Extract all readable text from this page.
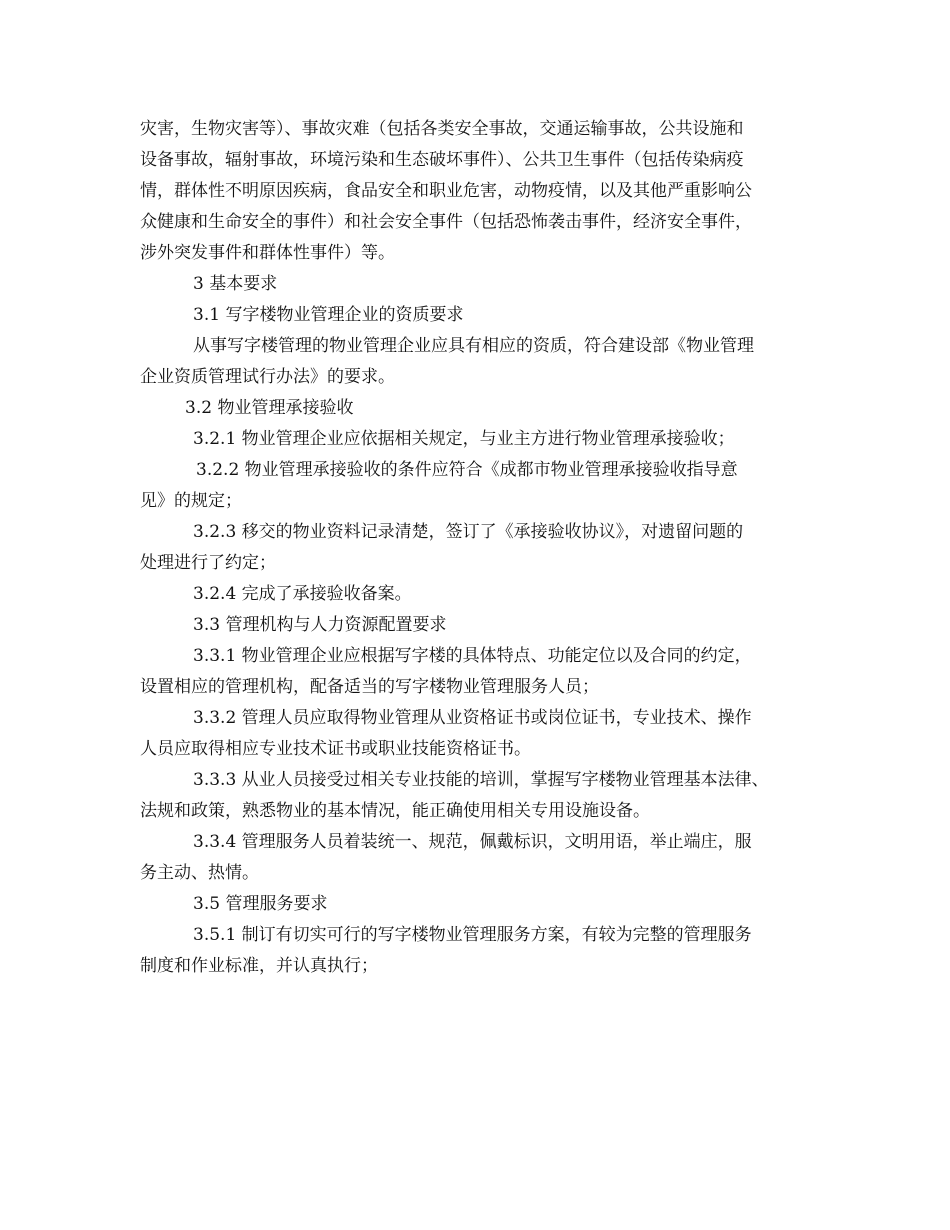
灾害，生物灾害等）、事故灾难（包括各类安全事故，交通运输事故，公共设施和
设备事故，辐射事故，环境污染和生态破坏事件）、公共卫生事件（包括传染病疫
情，群体性不明原因疾病，食品安全和职业危害，动物疫情，以及其他严重影响公
众健康和生命安全的事件）和社会安全事件（包括恐怖袭击事件，经济安全事件，
涉外突发事件和群体性事件）等。
3 基本要求
3.1 写字楼物业管理企业的资质要求
从事写字楼管理的物业管理企业应具有相应的资质，符合建设部《物业管理
企业资质管理试行办法》的要求。
3.2 物业管理承接验收
3.2.1 物业管理企业应依据相关规定，与业主方进行物业管理承接验收；
3.2.2 物业管理承接验收的条件应符合《成都市物业管理承接验收指导意
见》的规定；
3.2.3 移交的物业资料记录清楚，签订了《承接验收协议》，对遗留问题的
处理进行了约定；
3.2.4 完成了承接验收备案。
3.3 管理机构与人力资源配置要求
3.3.1 物业管理企业应根据写字楼的具体特点、功能定位以及合同的约定，
设置相应的管理机构，配备适当的写字楼物业管理服务人员；
3.3.2 管理人员应取得物业管理从业资格证书或岗位证书，专业技术、操作
人员应取得相应专业技术证书或职业技能资格证书。
3.3.3 从业人员接受过相关专业技能的培训，掌握写字楼物业管理基本法律、
法规和政策，熟悉物业的基本情况，能正确使用相关专用设施设备。
3.3.4 管理服务人员着装统一、规范，佩戴标识，文明用语，举止端庄，服
务主动、热情。
3.5 管理服务要求
3.5.1 制订有切实可行的写字楼物业管理服务方案，有较为完整的管理服务
制度和作业标准，并认真执行；
